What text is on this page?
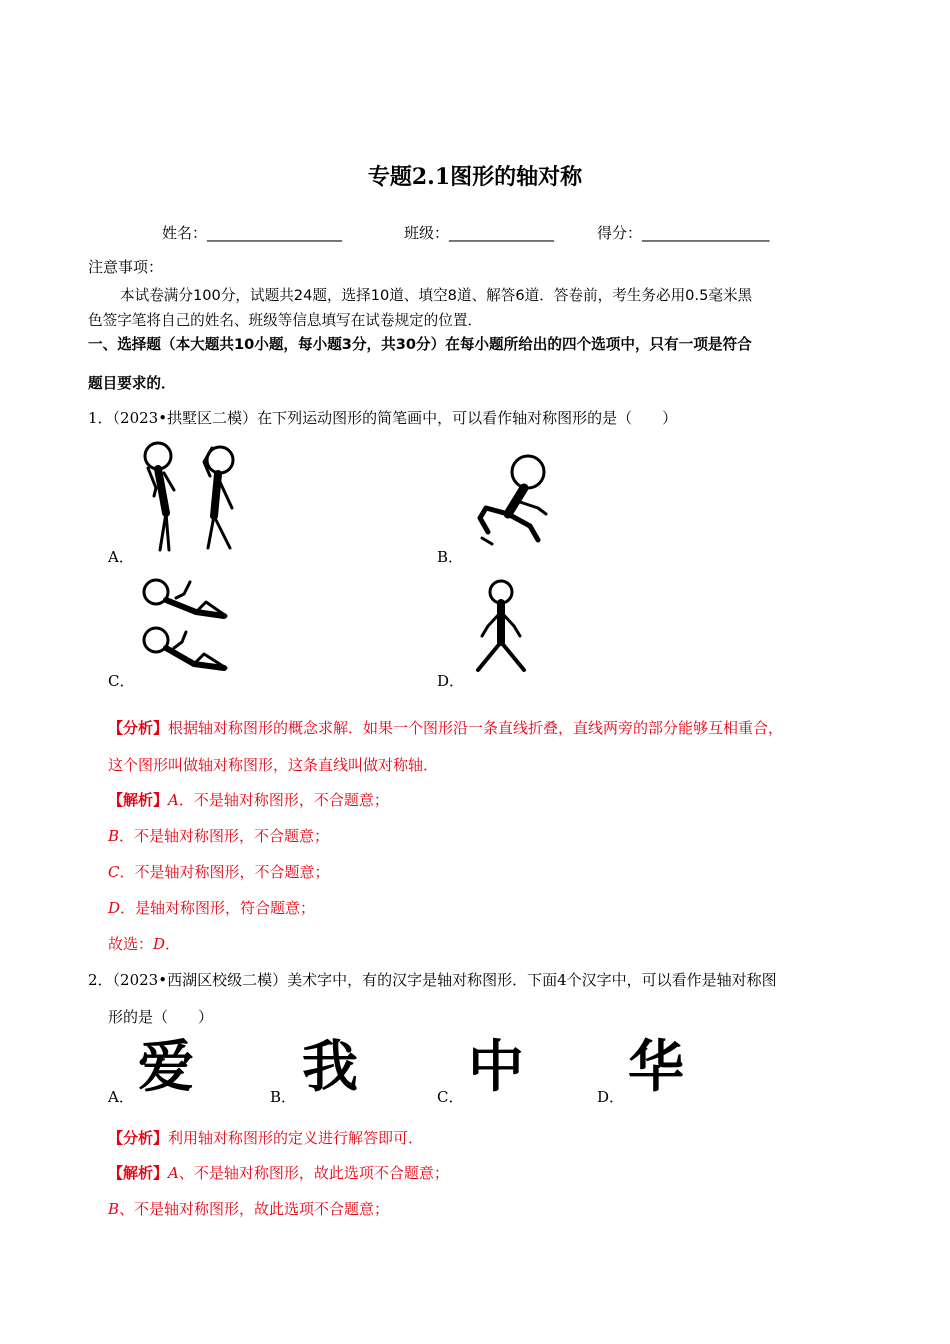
专题2.1图形的轴对称
姓名：__________________	班级：______________	得分：_________________
注意事项：
本试卷满分100分，试题共24题，选择10道、填空8道、解答6道．答卷前，考生务必用0.5毫米黑
色签字笔将自己的姓名、班级等信息填写在试卷规定的位置．
一、选择题（本大题共10小题，每小题3分，共30分）在每小题所给出的四个选项中，只有一项是符合
题目要求的．
1．（2023•拱墅区二模）在下列运动图形的简笔画中，可以看作轴对称图形的是（　　）
A．	B．
C．	D．
【分析】根据轴对称图形的概念求解．如果一个图形沿一条直线折叠，直线两旁的部分能够互相重合，
这个图形叫做轴对称图形，这条直线叫做对称轴．
【解析】A．不是轴对称图形，不合题意；
B．不是轴对称图形，不合题意；
C．不是轴对称图形，不合题意；
D．是轴对称图形，符合题意；
故选：D．
2．（2023•西湖区校级二模）美术字中，有的汉字是轴对称图形．下面4个汉字中，可以看作是轴对称图
形的是（　　）
A． 爱	B． 我	C． 中	D． 华
【分析】利用轴对称图形的定义进行解答即可．
【解析】A、不是轴对称图形，故此选项不合题意；
B、不是轴对称图形，故此选项不合题意；
